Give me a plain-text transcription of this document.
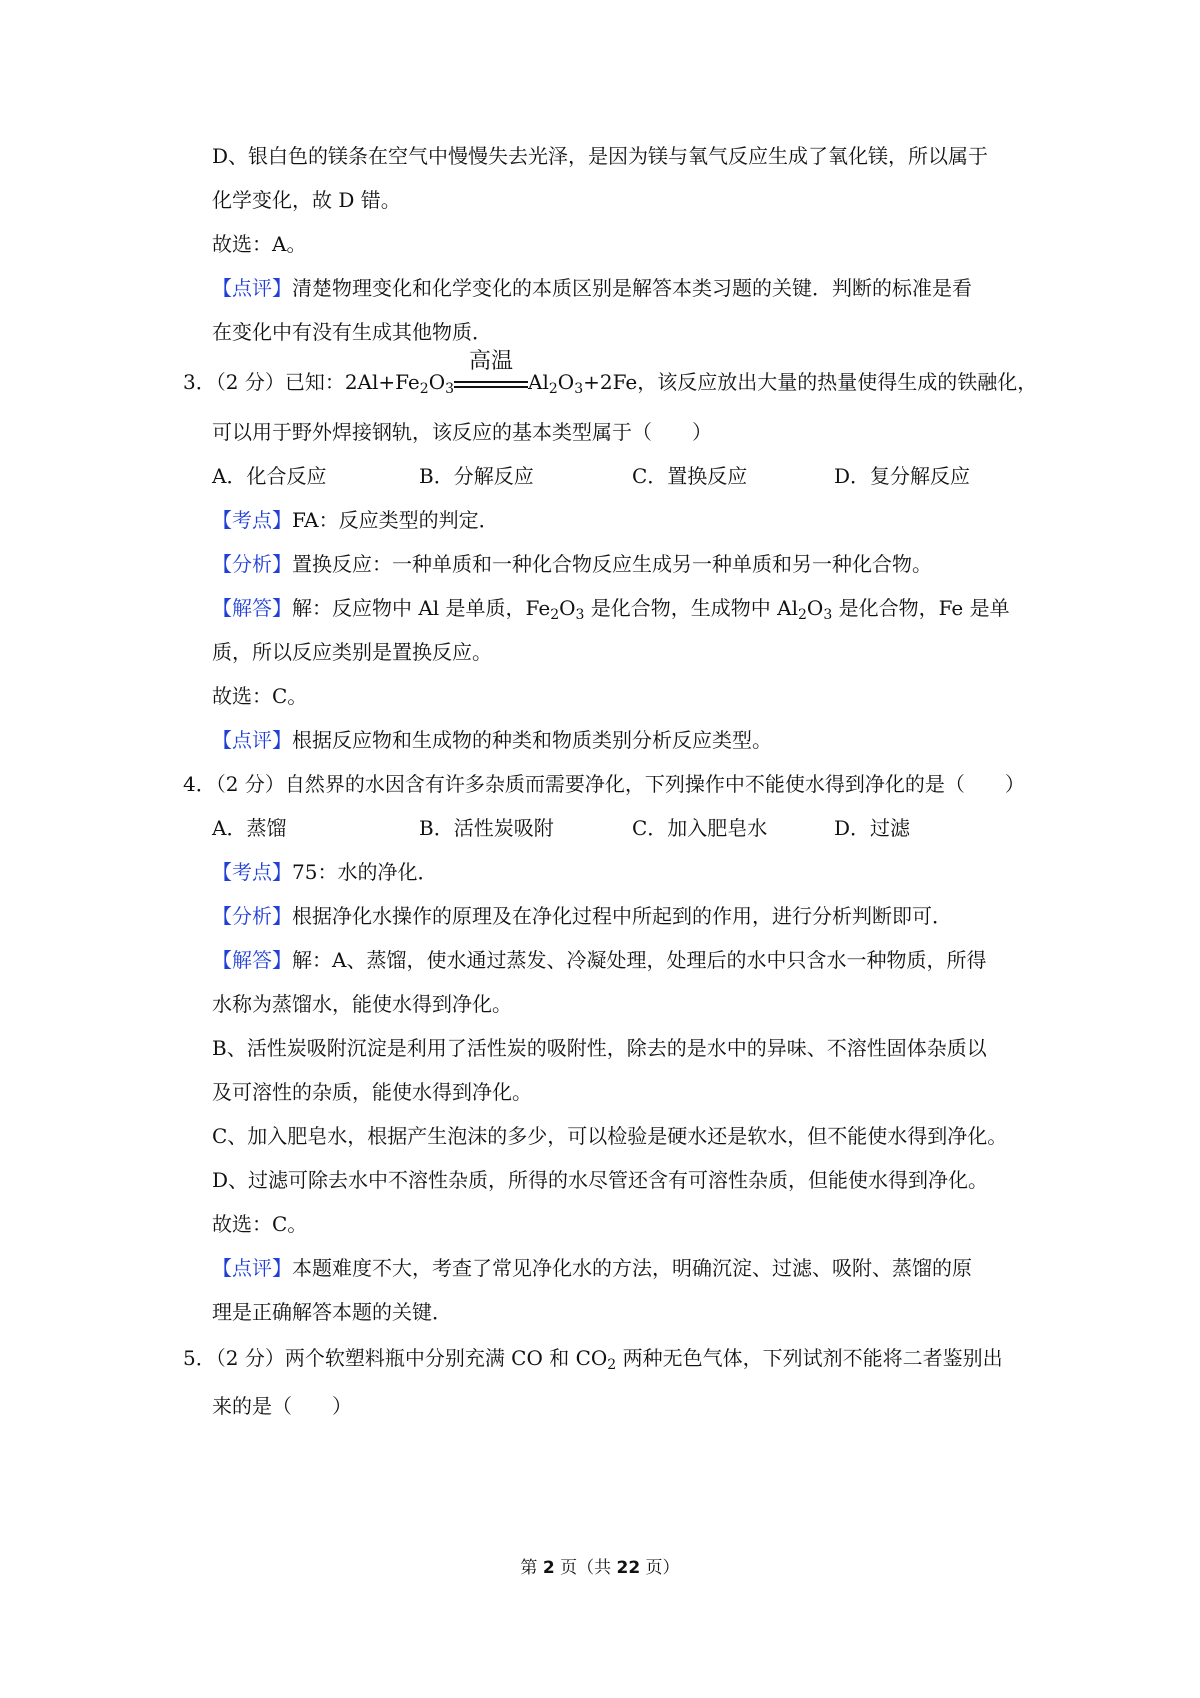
D、银白色的镁条在空气中慢慢失去光泽，是因为镁与氧气反应生成了氧化镁，所以属于
化学变化，故 D 错。
故选：A。
【点评】清楚物理变化和化学变化的本质区别是解答本类习题的关键．判断的标准是看
在变化中有没有生成其他物质．
3．（2 分）已知：$2Al+Fe_2O_3$
高温
$Al_2O_3+2Fe$，该反应放出大量的热量使得生成的铁融化，
可以用于野外焊接钢轨，该反应的基本类型属于（　　）
A．化合反应	B．分解反应	C．置换反应	D．复分解反应
【考点】FA：反应类型的判定．
【分析】置换反应：一种单质和一种化合物反应生成另一种单质和另一种化合物。
【解答】解：反应物中 Al 是单质，$Fe_2O_3$ 是化合物，生成物中 $Al_2O_3$ 是化合物，Fe 是单
质，所以反应类别是置换反应。
故选：C。
【点评】根据反应物和生成物的种类和物质类别分析反应类型。
4．（2 分）自然界的水因含有许多杂质而需要净化，下列操作中不能使水得到净化的是（　　）
A．蒸馏	B．活性炭吸附	C．加入肥皂水	D．过滤
【考点】75：水的净化．
【分析】根据净化水操作的原理及在净化过程中所起到的作用，进行分析判断即可．
【解答】解：A、蒸馏，使水通过蒸发、冷凝处理，处理后的水中只含水一种物质，所得
水称为蒸馏水，能使水得到净化。
B、活性炭吸附沉淀是利用了活性炭的吸附性，除去的是水中的异味、不溶性固体杂质以
及可溶性的杂质，能使水得到净化。
C、加入肥皂水，根据产生泡沫的多少，可以检验是硬水还是软水，但不能使水得到净化。
D、过滤可除去水中不溶性杂质，所得的水尽管还含有可溶性杂质，但能使水得到净化。
故选：C。
【点评】本题难度不大，考查了常见净化水的方法，明确沉淀、过滤、吸附、蒸馏的原
理是正确解答本题的关键．
5．（2 分）两个软塑料瓶中分别充满 CO 和 $CO_2$ 两种无色气体，下列试剂不能将二者鉴别出
来的是（　　）
第 2 页（共 22 页）
